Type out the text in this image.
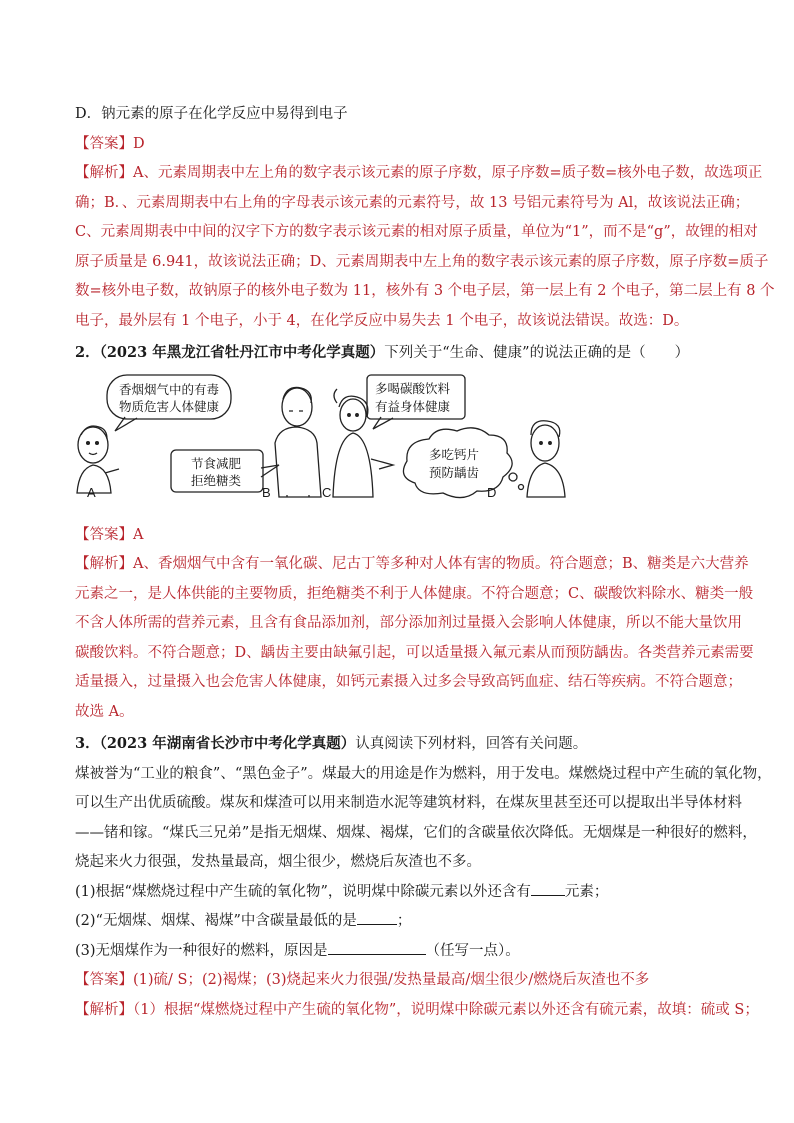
D．钠元素的原子在化学反应中易得到电子
【答案】D
【解析】A、元素周期表中左上角的数字表示该元素的原子序数，原子序数=质子数=核外电子数，故选项正
确；B．、元素周期表中右上角的字母表示该元素的元素符号，故 13 号铝元素符号为 Al，故该说法正确；
C、元素周期表中中间的汉字下方的数字表示该元素的相对原子质量，单位为“1”，而不是“g”，故锂的相对
原子质量是 6.941，故该说法正确；D、元素周期表中左上角的数字表示该元素的原子序数，原子序数=质子
数=核外电子数，故钠原子的核外电子数为 11，核外有 3 个电子层，第一层上有 2 个电子，第二层上有 8 个
电子，最外层有 1 个电子，小于 4，在化学反应中易失去 1 个电子，故该说法错误。故选：D。
2．（2023 年黑龙江省牡丹江市中考化学真题）下列关于“生命、健康”的说法正确的是（　　）
香烟烟气中的有毒
物质危害人体健康
节食减肥
拒绝糖类
多喝碳酸饮料
有益身体健康
多吃钙片
预防龋齿
A	B	C	D
【答案】A
【解析】A、香烟烟气中含有一氧化碳、尼古丁等多种对人体有害的物质。符合题意；B、糖类是六大营养
元素之一，是人体供能的主要物质，拒绝糖类不利于人体健康。不符合题意；C、碳酸饮料除水、糖类一般
不含人体所需的营养元素，且含有食品添加剂，部分添加剂过量摄入会影响人体健康，所以不能大量饮用
碳酸饮料。不符合题意；D、龋齿主要由缺氟引起，可以适量摄入氟元素从而预防龋齿。各类营养元素需要
适量摄入，过量摄入也会危害人体健康，如钙元素摄入过多会导致高钙血症、结石等疾病。不符合题意；
故选 A。
3．（2023 年湖南省长沙市中考化学真题）认真阅读下列材料，回答有关问题。
煤被誉为“工业的粮食”、“黑色金子”。煤最大的用途是作为燃料，用于发电。煤燃烧过程中产生硫的氧化物，
可以生产出优质硫酸。煤灰和煤渣可以用来制造水泥等建筑材料，在煤灰里甚至还可以提取出半导体材料
——锗和镓。“煤氏三兄弟”是指无烟煤、烟煤、褐煤，它们的含碳量依次降低。无烟煤是一种很好的燃料，
烧起来火力很强，发热量最高，烟尘很少，燃烧后灰渣也不多。
(1)根据“煤燃烧过程中产生硫的氧化物”，说明煤中除碳元素以外还含有 元素；
(2)“无烟煤、烟煤、褐煤”中含碳量最低的是	；
(3)无烟煤作为一种很好的燃料，原因是	（任写一点）。
【答案】(1)硫/ S；(2)褐煤；(3)烧起来火力很强/发热量最高/烟尘很少/燃烧后灰渣也不多
【解析】（1）根据“煤燃烧过程中产生硫的氧化物”，说明煤中除碳元素以外还含有硫元素，故填：硫或 S；
